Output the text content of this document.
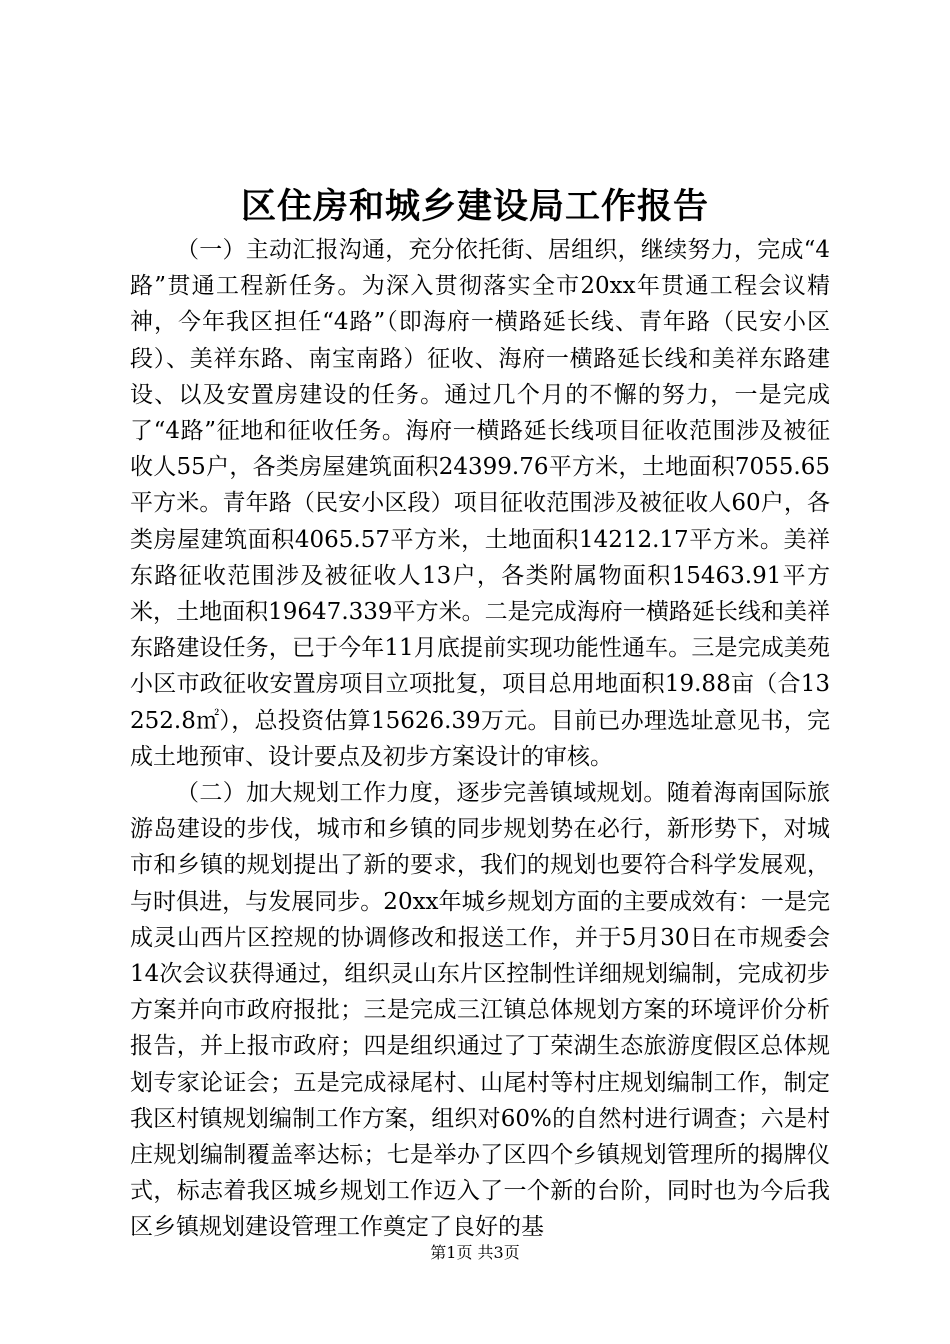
区住房和城乡建设局工作报告

（一）主动汇报沟通，充分依托街、居组织，继续努力，完成“4路”贯通工程新任务。为深入贯彻落实全市20xx年贯通工程会议精神，今年我区担任“4路”（即海府一横路延长线、青年路（民安小区段）、美祥东路、南宝南路）征收、海府一横路延长线和美祥东路建设、以及安置房建设的任务。通过几个月的不懈的努力，一是完成了“4路”征地和征收任务。海府一横路延长线项目征收范围涉及被征收人55户，各类房屋建筑面积24399.76平方米，土地面积7055.65平方米。青年路（民安小区段）项目征收范围涉及被征收人60户，各类房屋建筑面积4065.57平方米，土地面积14212.17平方米。美祥东路征收范围涉及被征收人13户，各类附属物面积15463.91平方米，土地面积19647.339平方米。二是完成海府一横路延长线和美祥东路建设任务，已于今年11月底提前实现功能性通车。三是完成美苑小区市政征收安置房项目立项批复，项目总用地面积19.88亩（合13252.8㎡），总投资估算15626.39万元。目前已办理选址意见书，完成土地预审、设计要点及初步方案设计的审核。

（二）加大规划工作力度，逐步完善镇域规划。随着海南国际旅游岛建设的步伐，城市和乡镇的同步规划势在必行，新形势下，对城市和乡镇的规划提出了新的要求，我们的规划也要符合科学发展观，与时俱进，与发展同步。20xx年城乡规划方面的主要成效有：一是完成灵山西片区控规的协调修改和报送工作，并于5月30日在市规委会14次会议获得通过，组织灵山东片区控制性详细规划编制，完成初步方案并向市政府报批；三是完成三江镇总体规划方案的环境评价分析报告，并上报市政府；四是组织通过了丁荣湖生态旅游度假区总体规划专家论证会；五是完成禄尾村、山尾村等村庄规划编制工作，制定我区村镇规划编制工作方案，组织对60%的自然村进行调查；六是村庄规划编制覆盖率达标；七是举办了区四个乡镇规划管理所的揭牌仪式，标志着我区城乡规划工作迈入了一个新的台阶，同时也为今后我区乡镇规划建设管理工作奠定了良好的基

第1页 共3页
